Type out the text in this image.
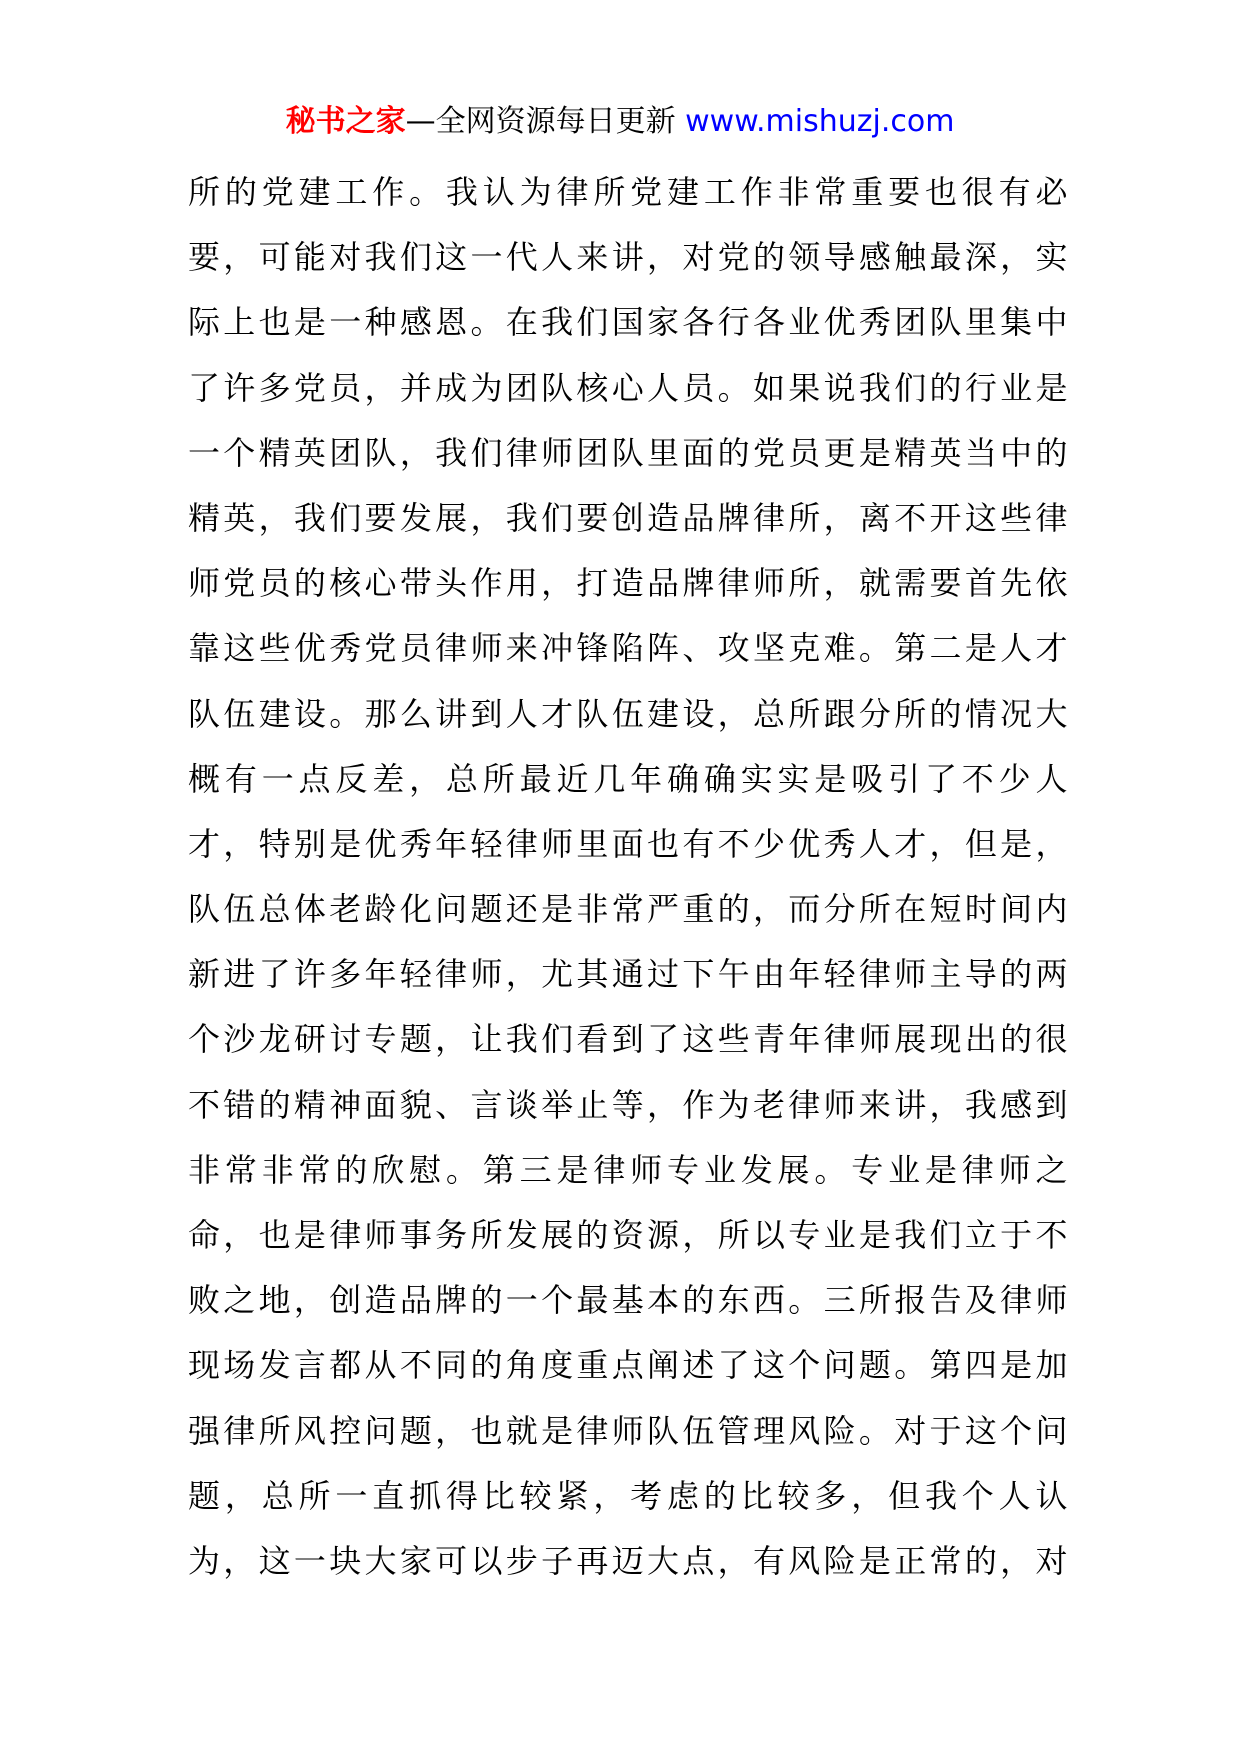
秘书之家—全网资源每日更新 www.mishuzj.com
所的党建工作。我认为律所党建工作非常重要也很有必
要，可能对我们这一代人来讲，对党的领导感触最深，实
际上也是一种感恩。在我们国家各行各业优秀团队里集中
了许多党员，并成为团队核心人员。如果说我们的行业是
一个精英团队，我们律师团队里面的党员更是精英当中的
精英，我们要发展，我们要创造品牌律所，离不开这些律
师党员的核心带头作用，打造品牌律师所，就需要首先依
靠这些优秀党员律师来冲锋陷阵、攻坚克难。第二是人才
队伍建设。那么讲到人才队伍建设，总所跟分所的情况大
概有一点反差，总所最近几年确确实实是吸引了不少人
才，特别是优秀年轻律师里面也有不少优秀人才，但是，
队伍总体老龄化问题还是非常严重的，而分所在短时间内
新进了许多年轻律师，尤其通过下午由年轻律师主导的两
个沙龙研讨专题，让我们看到了这些青年律师展现出的很
不错的精神面貌、言谈举止等，作为老律师来讲，我感到
非常非常的欣慰。第三是律师专业发展。专业是律师之
命，也是律师事务所发展的资源，所以专业是我们立于不
败之地，创造品牌的一个最基本的东西。三所报告及律师
现场发言都从不同的角度重点阐述了这个问题。第四是加
强律所风控问题，也就是律师队伍管理风险。对于这个问
题，总所一直抓得比较紧，考虑的比较多，但我个人认
为，这一块大家可以步子再迈大点，有风险是正常的，对
